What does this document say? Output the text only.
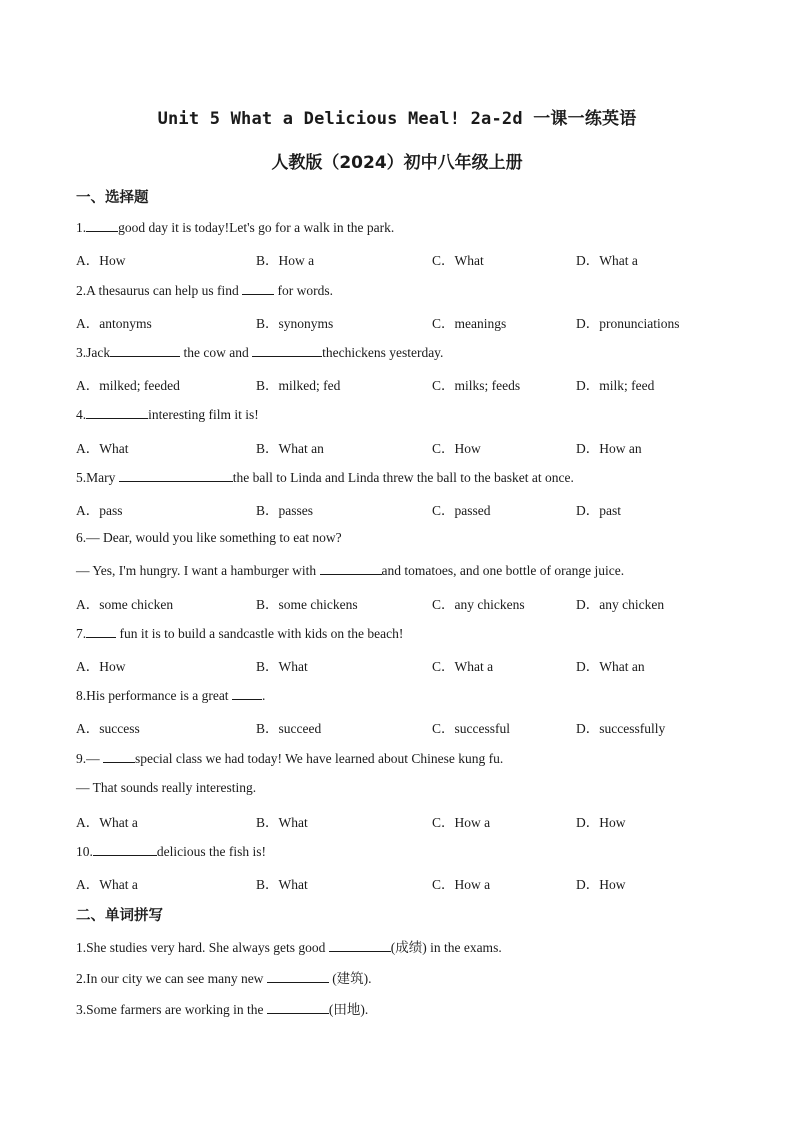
Unit 5 What a Delicious Meal! 2a-2d 一课一练英语
人教版（2024）初中八年级上册
一、选择题
1. good day it is today!Let's go for a walk in the park.
A．How	B．How a	C．What	D．What a
2.A thesaurus can help us find	for words.
A．antonyms	B．synonyms	C．meanings	D．pronunciations
3.Jack	the cow and	thechickens yesterday.
A．milked; feeded	B．milked; fed	C．milks; feeds	D．milk; feed
4.	interesting film it is!
A．What	B．What an	C．How	D．How an
5.Mary	the ball to Linda and Linda threw the ball to the basket at once.
A．pass	B．passes	C．passed	D．past
6.— Dear, would you like something to eat now?
— Yes, I'm hungry. I want a hamburger with	and tomatoes, and one bottle of orange juice.
A．some chicken	B．some chickens	C．any chickens	D．any chicken
7. fun it is to build a sandcastle with kids on the beach!
A．How	B．What	C．What a	D．What an
8.His performance is a great .
A．success	B．succeed	C．successful	D．successfully
9.— special class we had today! We have learned about Chinese kung fu.
— That sounds really interesting.
A．What a	B．What	C．How a	D．How
10.	delicious the fish is!
A．What a	B．What	C．How a	D．How
二、单词拼写
1.She studies very hard. She always gets good	(成绩) in the exams.
2.In our city we can see many new	(建筑).
3.Some farmers are working in the	(田地).
